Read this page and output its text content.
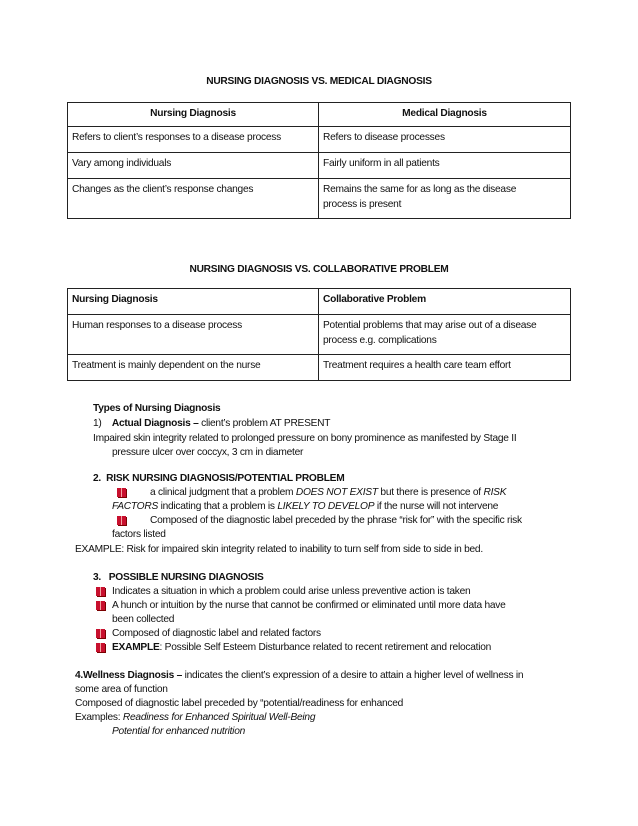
NURSING DIAGNOSIS VS. MEDICAL DIAGNOSIS
Nursing Diagnosis	Medical Diagnosis
Refers to client’s responses to a disease process	Refers to disease processes
Vary among individuals	Fairly uniform in all patients
Changes as the client’s response changes	Remains the same for as long as the disease
process is present
NURSING DIAGNOSIS VS. COLLABORATIVE PROBLEM
Nursing Diagnosis	Collaborative Problem
Human responses to a disease process	Potential problems that may arise out of a disease
process e.g. complications
Treatment is mainly dependent on the nurse	Treatment requires a health care team effort
Types of Nursing Diagnosis
1) Actual Diagnosis – client’s problem AT PRESENT
Impaired skin integrity related to prolonged pressure on bony prominence as manifested by Stage II
pressure ulcer over coccyx, 3 cm in diameter
2. RISK NURSING DIAGNOSIS/POTENTIAL PROBLEM
a clinical judgment that a problem DOES NOT EXIST but there is presence of RISK
FACTORS indicating that a problem is LIKELY TO DEVELOP if the nurse will not intervene
Composed of the diagnostic label preceded by the phrase “risk for” with the specific risk
factors listed
EXAMPLE: Risk for impaired skin integrity related to inability to turn self from side to side in bed.
3. POSSIBLE NURSING DIAGNOSIS
Indicates a situation in which a problem could arise unless preventive action is taken
A hunch or intuition by the nurse that cannot be confirmed or eliminated until more data have
been collected
Composed of diagnostic label and related factors
EXAMPLE: Possible Self Esteem Disturbance related to recent retirement and relocation
4.Wellness Diagnosis – indicates the client’s expression of a desire to attain a higher level of wellness in
some area of function
Composed of diagnostic label preceded by “potential/readiness for enhanced
Examples: Readiness for Enhanced Spiritual Well-Being
Potential for enhanced nutrition
